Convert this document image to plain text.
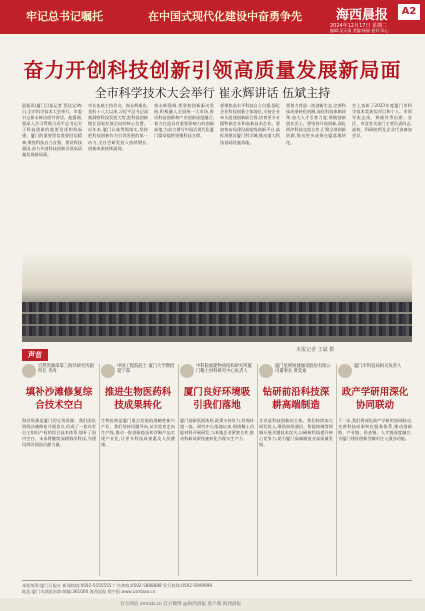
牢记总书记嘱托	在中国式现代化建设中奋勇争先	海西晨报	A2
2024年12月17日 星期二
编辑:吴天清 美编:杨丽 校对:吴心
奋力开创科技创新引领高质量发展新局面
全市科学技术大会举行 崔永辉讲话 伍斌主持
晨报讯(厦门日报记者 蔡佳宝)昨日,全市科学技术大会举行。市委书记崔永辉出席并讲话。他强调,要深入学习贯彻习近平总书记关于科技创新的重要论述和致福建、厦门的重要贺信重要回信精神,聚焦科技自立自强、建设科技强国,奋力开创科技创新引领高质量发展新局面。
市长伍斌主持会议。崔永辉指出,党的十八大以来,习近平总书记深刻洞察科技发展大势,把科技创新摆在国家发展全局的核心位置。近年来,厦门认真贯彻落实,坚持把科技创新作为引领发展的第一动力,全社会研发投入持续增长,创新成果持续涌现。
崔永辉强调,要坚持创新驱动发展,积极融入全国统一大市场,推动科技创新和产业创新深度融合,着力打造具有重要影响力的创新高地,为奋力谱写中国式现代化厦门篇章提供坚强科技支撑。
要聚焦高水平科技自立自强,强化企业科技创新主体地位,支持企业牵头组建创新联合体,培育更多专精特新企业和高新技术企业。要加快布局建设高能级创新平台,高标准建设厦门科学城,推动重大科技基础设施落地。
要着力营造一流创新生态,完善科技成果转化机制,深化科技体制改革,加大人才引育力度,厚植创新创业沃土。要坚持开放创新,深化两岸科技交流合作,汇聚全球创新资源,推动更多成果在厦落地转化。
会上表彰了2023年度厦门市科学技术奖获奖项目和个人。市领导张志南、黄晓舟等出席。各区、市直有关部门主要负责同志,高校、科研院所及企业代表参加会议。
本报记者 王斌 摄
声音
自然资源部第三海洋研究所副所长 李涛
填补沙滩修复综合技术空白
海洋资源是厦门的宝贵资源。我们团队围绕沙滩修复开展攻关,形成了一套具有自主知识产权的综合技术体系,填补了国内空白。未来将继续深耕海洋科技,为建设海洋强国贡献力量。
中国工程院院士 厦门大学教授 夏宁邵
推进生物医药科技成果转化
生物医药是厦门重点发展的战略性新兴产业。我们坚持问题导向,从实验室走向生产线,推动一批创新疫苗和诊断产品实现产业化,让更多科技成果惠及人民健康。
中科院福建物质结构研究所厦门稀土材料研究中心负责人
厦门良好环境吸引我们落地
厦门创新氛围浓厚,政策支持有力,营商环境一流。研究中心落地以来,围绕稀土功能材料开展研发,与本地企业紧密合作,推动科研成果快速转化为现实生产力。
厦门星网锐捷通讯股份有限公司董事长 黄奕豪
钻研前沿科技深耕高端制造
企业是科技创新的主体。我们持续加大研发投入,聚焦网络通信、智能终端等领域开展关键技术攻关,以硬核科技提升核心竞争力,助力厦门高端制造业高质量发展。
厦门市科技局相关负责人
政产学研用深化协同联动
下一步,我们将深化政产学研用协同联动,完善科技成果转化服务体系,推动创新链、产业链、资金链、人才链深度融合,为厦门建设创新型城市注入强劲动能。
本版统筹:厦门日报社 新闻热线:0592-5555555 广告热线:0592-5888888 发行热线:0592-5999999
地址:厦门市湖滨东路 邮编:361004 海西晨报 数字报:www.csmbao.cn
官方网站 xmcsb.cn 官方微博 @海西晨报 客户端 海西晨报
